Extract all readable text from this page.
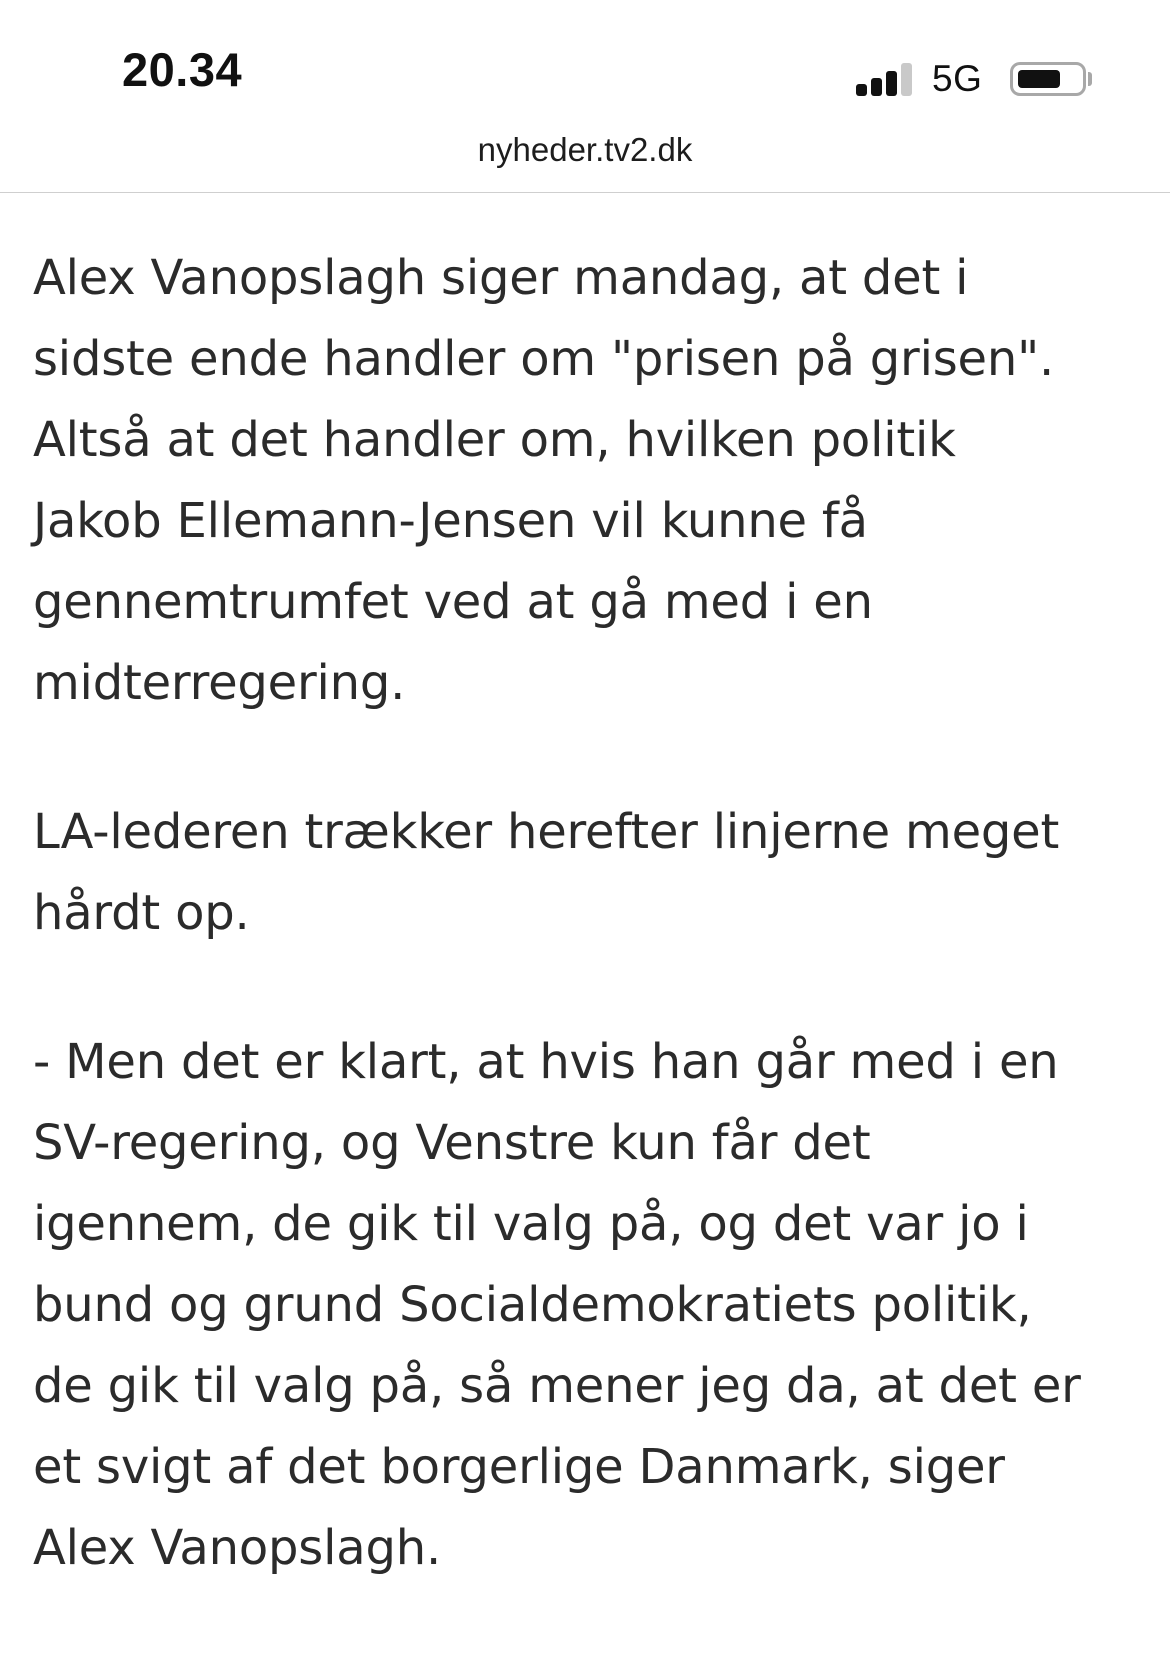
20.34	5G
nyheder.tv2.dk

Alex Vanopslagh siger mandag, at det i
sidste ende handler om "prisen på grisen".
Altså at det handler om, hvilken politik
Jakob Ellemann-Jensen vil kunne få
gennemtrumfet ved at gå med i en
midterregering.

LA-lederen trækker herefter linjerne meget
hårdt op.

- Men det er klart, at hvis han går med i en
SV-regering, og Venstre kun får det
igennem, de gik til valg på, og det var jo i
bund og grund Socialdemokratiets politik,
de gik til valg på, så mener jeg da, at det er
et svigt af det borgerlige Danmark, siger
Alex Vanopslagh.
